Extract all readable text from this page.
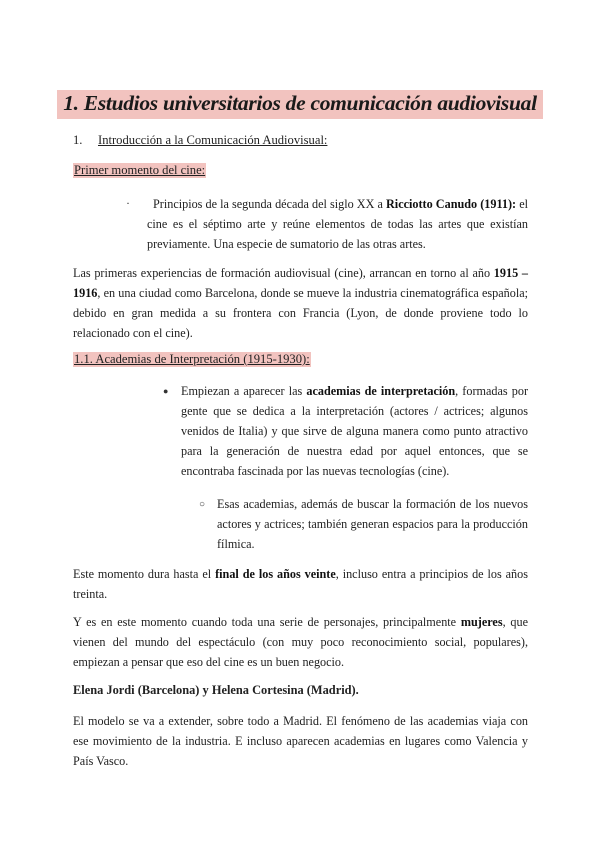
1. Estudios universitarios de comunicación audiovisual
1. Introducción a la Comunicación Audiovisual:
Primer momento del cine:
·	Principios de la segunda década del siglo XX a Ricciotto Canudo (1911): el cine es el séptimo arte y reúne elementos de todas las artes que existían previamente. Una especie de sumatorio de las otras artes.

Las primeras experiencias de formación audiovisual (cine), arrancan en torno al año 1915 – 1916, en una ciudad como Barcelona, donde se mueve la industria cinematográfica española; debido en gran medida a su frontera con Francia (Lyon, de donde proviene todo lo relacionado con el cine).

1.1. Academias de Interpretación (1915-1930):
● Empiezan a aparecer las academias de interpretación, formadas por gente que se dedica a la interpretación (actores / actrices; algunos venidos de Italia) y que sirve de alguna manera como punto atractivo para la generación de nuestra edad por aquel entonces, que se encontraba fascinada por las nuevas tecnologías (cine).

○ Esas academias, además de buscar la formación de los nuevos actores y actrices; también generan espacios para la producción fílmica.

Este momento dura hasta el final de los años veinte, incluso entra a principios de los años treinta.

Y es en este momento cuando toda una serie de personajes, principalmente mujeres, que vienen del mundo del espectáculo (con muy poco reconocimiento social, populares), empiezan a pensar que eso del cine es un buen negocio.

Elena Jordi (Barcelona) y Helena Cortesina (Madrid).

El modelo se va a extender, sobre todo a Madrid. El fenómeno de las academias viaja con ese movimiento de la industria. E incluso aparecen academias en lugares como Valencia y País Vasco.
